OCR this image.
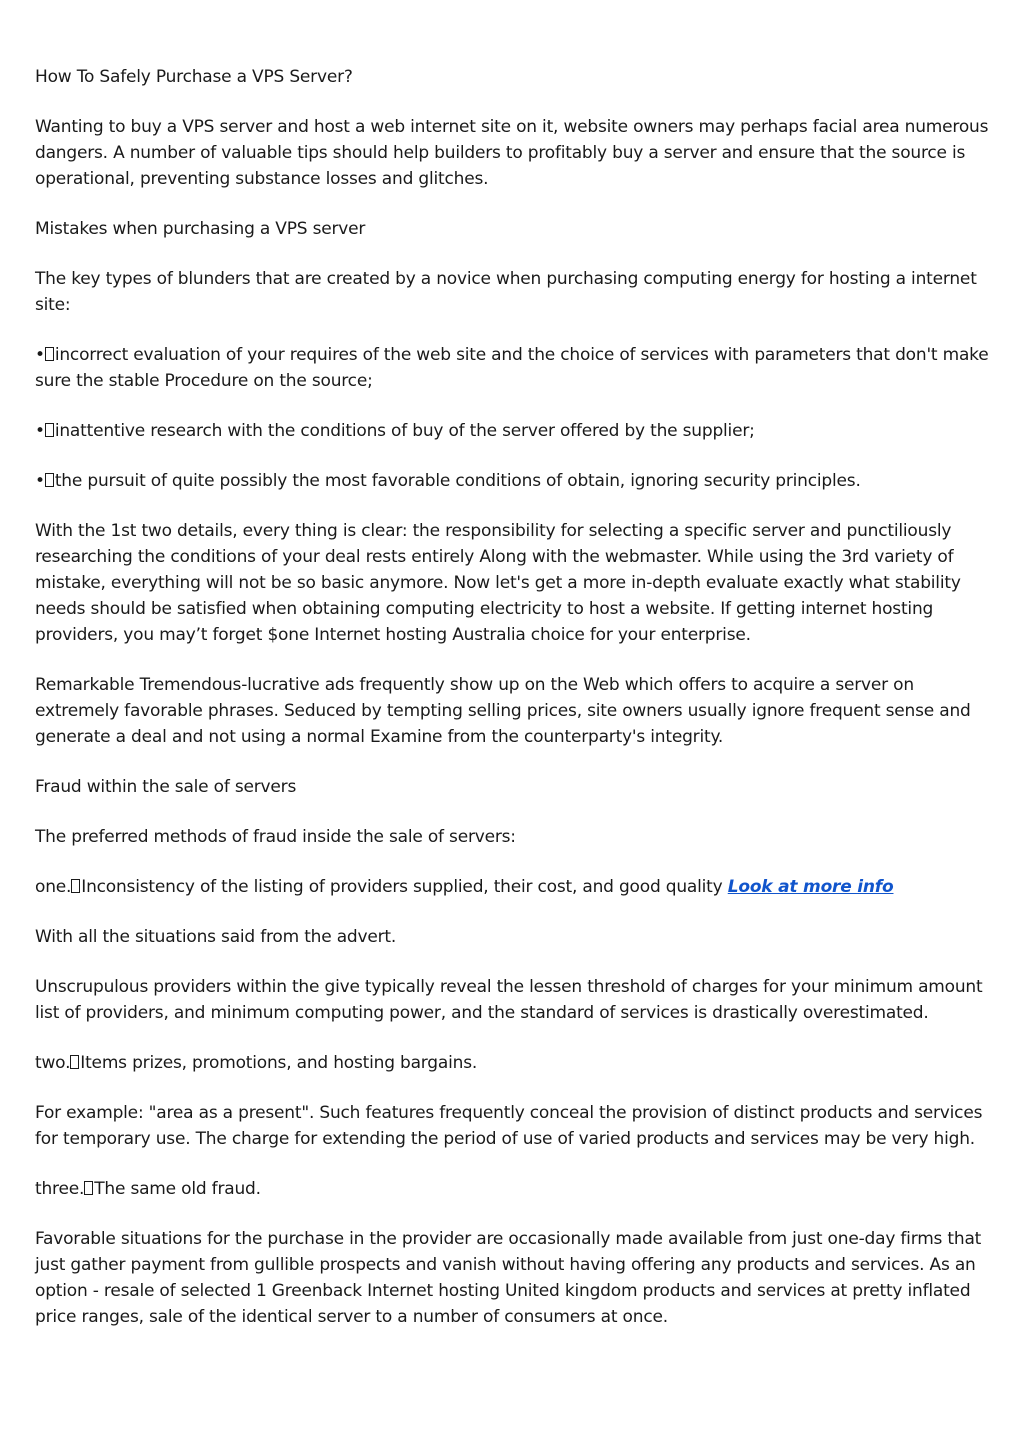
How To Safely Purchase a VPS Server?

Wanting to buy a VPS server and host a web internet site on it, website owners may perhaps facial area numerous dangers. A number of valuable tips should help builders to profitably buy a server and ensure that the source is operational, preventing substance losses and glitches.

Mistakes when purchasing a VPS server

The key types of blunders that are created by a novice when purchasing computing energy for hosting a internet site:

• incorrect evaluation of your requires of the web site and the choice of services with parameters that don't make sure the stable Procedure on the source;

• inattentive research with the conditions of buy of the server offered by the supplier;

• the pursuit of quite possibly the most favorable conditions of obtain, ignoring security principles.

With the 1st two details, every thing is clear: the responsibility for selecting a specific server and punctiliously researching the conditions of your deal rests entirely Along with the webmaster. While using the 3rd variety of mistake, everything will not be so basic anymore. Now let's get a more in-depth evaluate exactly what stability needs should be satisfied when obtaining computing electricity to host a website. If getting internet hosting providers, you may’t forget $one Internet hosting Australia choice for your enterprise.

Remarkable Tremendous-lucrative ads frequently show up on the Web which offers to acquire a server on extremely favorable phrases. Seduced by tempting selling prices, site owners usually ignore frequent sense and generate a deal and not using a normal Examine from the counterparty's integrity.

Fraud within the sale of servers

The preferred methods of fraud inside the sale of servers:

one. Inconsistency of the listing of providers supplied, their cost, and good quality Look at more info

With all the situations said from the advert.

Unscrupulous providers within the give typically reveal the lessen threshold of charges for your minimum amount list of providers, and minimum computing power, and the standard of services is drastically overestimated.

two. Items prizes, promotions, and hosting bargains.

For example: "area as a present". Such features frequently conceal the provision of distinct products and services for temporary use. The charge for extending the period of use of varied products and services may be very high.

three. The same old fraud.

Favorable situations for the purchase in the provider are occasionally made available from just one-day firms that just gather payment from gullible prospects and vanish without having offering any products and services. As an option - resale of selected 1 Greenback Internet hosting United kingdom products and services at pretty inflated price ranges, sale of the identical server to a number of consumers at once.
